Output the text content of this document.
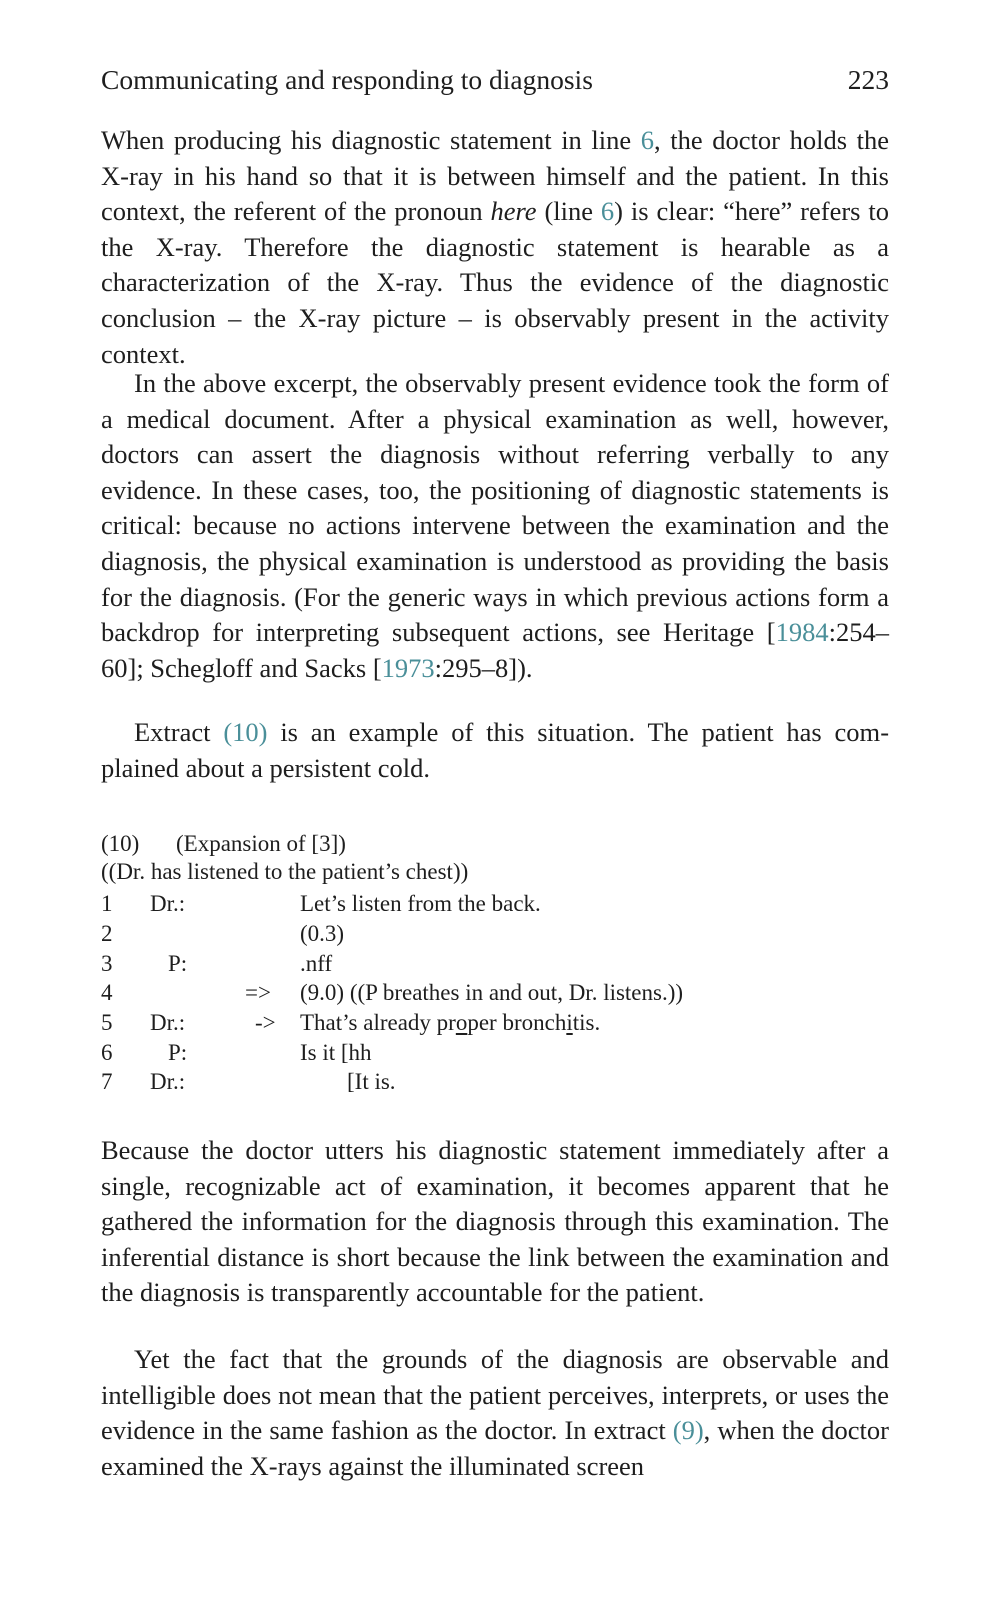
Communicating and responding to diagnosis	223

When producing his diagnostic statement in line 6, the doctor holds the X-ray in his hand so that it is between himself and the patient. In this context, the referent of the pronoun here (line 6) is clear: “here” refers to the X-ray. Therefore the diagnostic statement is hearable as a characterization of the X-ray. Thus the evidence of the diagnostic conclusion – the X-ray picture – is observably present in the activity context.

In the above excerpt, the observably present evidence took the form of a medical document. After a physical examination as well, however, doctors can assert the diagnosis without referring verbally to any evidence. In these cases, too, the positioning of diagnostic statements is critical: because no actions intervene between the examination and the diagnosis, the physical examination is understood as providing the basis for the diagnosis. (For the generic ways in which previous actions form a backdrop for interpreting subsequent actions, see Heritage [1984:254–60]; Schegloff and Sacks [1973:295–8]).

Extract (10) is an example of this situation. The patient has complained about a persistent cold.

(10) (Expansion of [3])
((Dr. has listened to the patient’s chest))
1 Dr.:	Let’s listen from the back.
2	(0.3)
3 P:	.nff
4	=> (9.0) ((P breathes in and out, Dr. listens.))
5 Dr.:	-> That’s already proper bronchitis.
6 P:	Is it [hh
7 Dr.:	[It is.

Because the doctor utters his diagnostic statement immediately after a single, recognizable act of examination, it becomes apparent that he gathered the information for the diagnosis through this examination. The inferential distance is short because the link between the examination and the diagnosis is transparently accountable for the patient.

Yet the fact that the grounds of the diagnosis are observable and intelligible does not mean that the patient perceives, interprets, or uses the evidence in the same fashion as the doctor. In extract (9), when the doctor examined the X-rays against the illuminated screen
